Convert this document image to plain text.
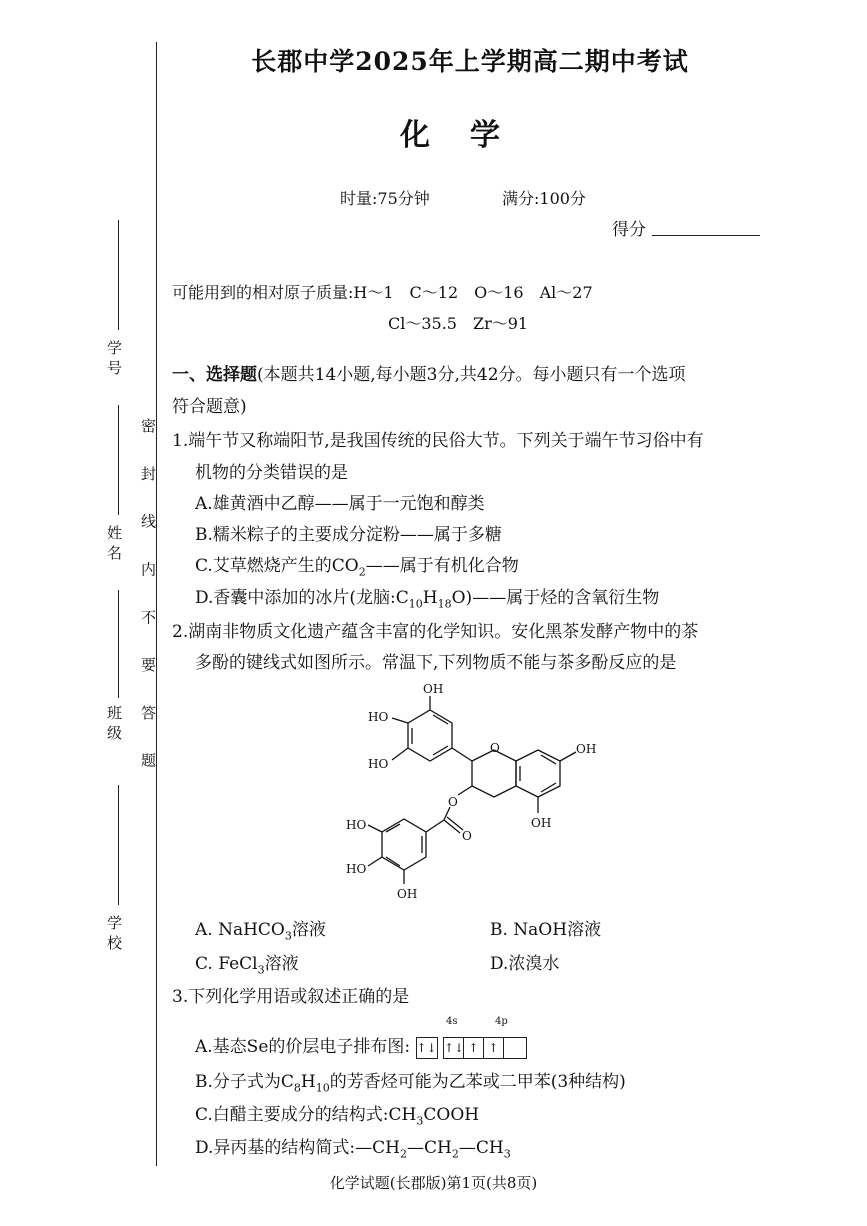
学 号
姓 名
班 级
学 校
密 封 线 内 不 要 答 题
长郡中学2025年上学期高二期中考试
化学
时量:75分钟	满分:100分
得分
可能用到的相对原子质量:H～1　C～12　O～16　Al～27
Cl～35.5　Zr～91
一、选择题(本题共14小题,每小题3分,共42分。每小题只有一个选项
符合题意)
1.端午节又称端阳节,是我国传统的民俗大节。下列关于端午节习俗中有
机物的分类错误的是
A.雄黄酒中乙醇——属于一元饱和醇类
B.糯米粽子的主要成分淀粉——属于多糖
C.艾草燃烧产生的$CO_2——$属于有机化合物
D.香囊中添加的冰片(龙脑$:C_{10}H_{18}O)——$属于烃的含氧衍生物
2.湖南非物质文化遗产蕴含丰富的化学知识。安化黑茶发酵产物中的茶
多酚的键线式如图所示。常温下,下列物质不能与茶多酚反应的是
OH
HO
HO
O	OH
OH
O
O
HO
HO
OH
A. NaHCO$_3$溶液	B. NaOH溶液
C. FeCl$_3$溶液	D.浓溴水
3.下列化学用语或叙述正确的是
4s	4p
A.基态Se的价层电子排布图: ↑↓ ↑↓ ↑ ↑
B.分子式为$C_8H_{10}$的芳香烃可能为乙苯或二甲苯(3种结构)
C.白醋主要成分的结构式$:CH_3COOH$
D.异丙基的结构简式$:—CH_2—CH_2—CH_3$
化学试题(长郡版)第1页(共8页)
